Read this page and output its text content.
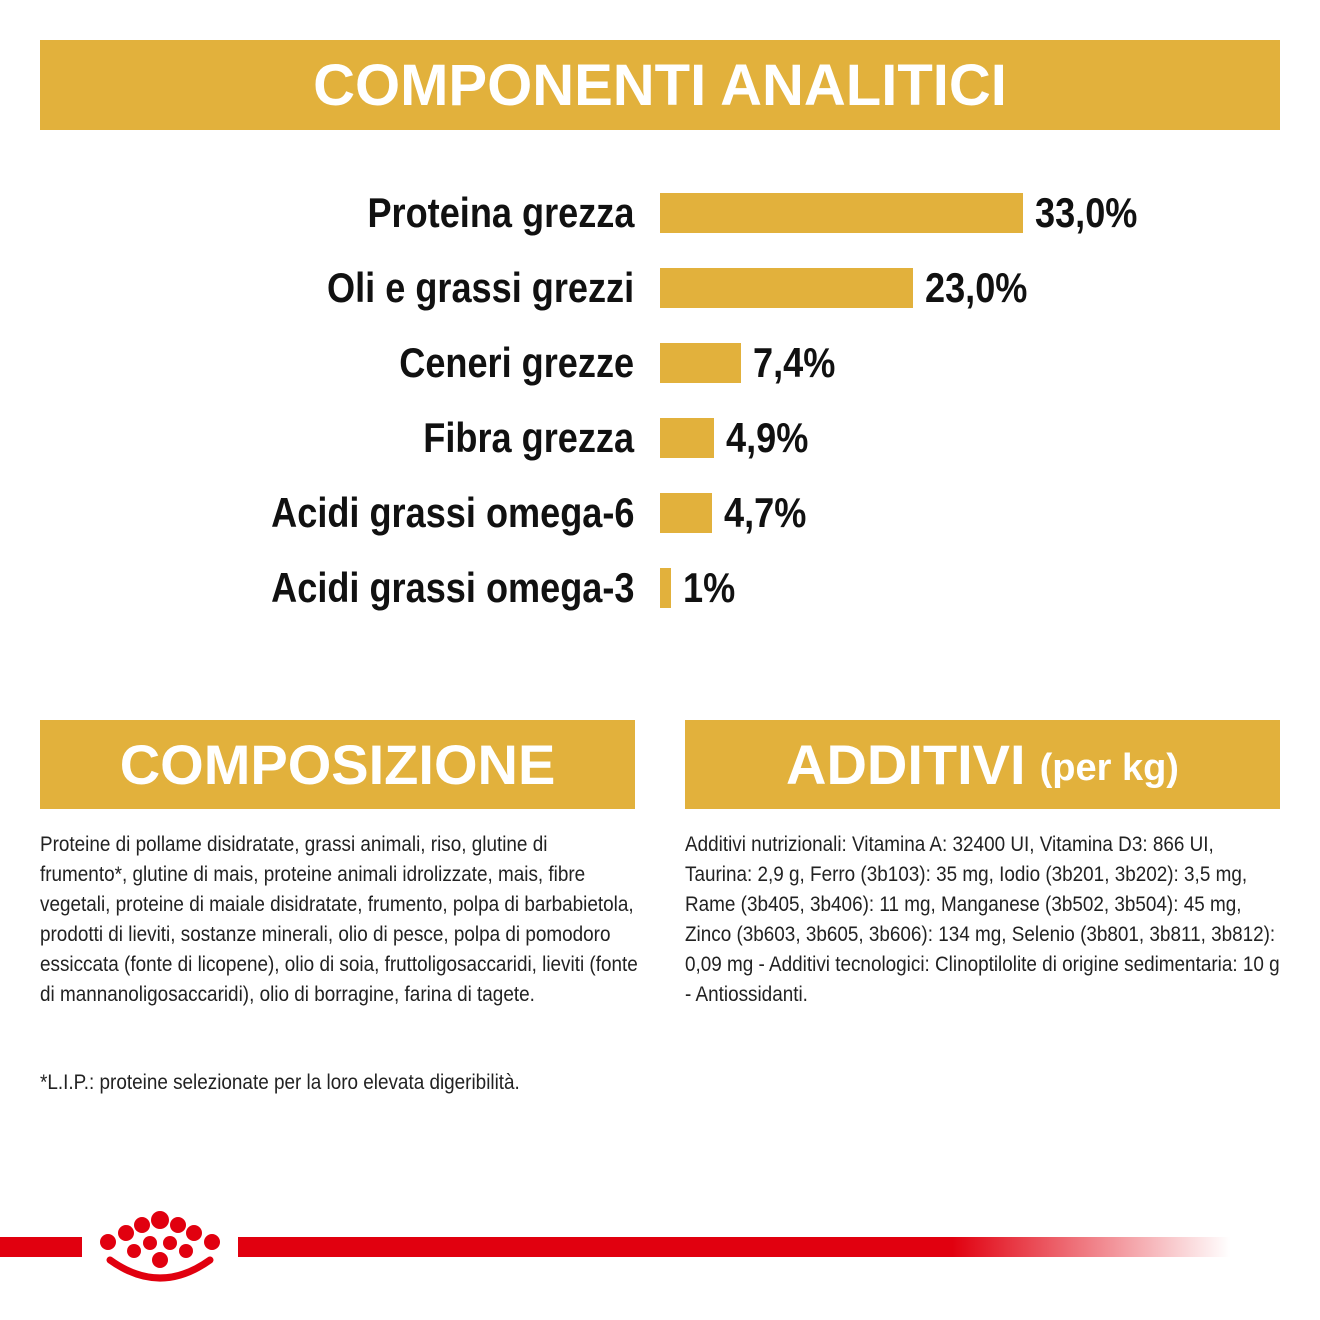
COMPONENTI ANALITICI
Proteina grezza	33,0%
Oli e grassi grezzi	23,0%
Ceneri grezze	7,4%
Fibra grezza 4,9%
Acidi grassi omega-6 4,7%
Acidi grassi omega-3 1%
COMPOSIZIONE	ADDITIVI (per kg)
Proteine di pollame disidratate, grassi animali, riso, glutine di frumento*, glutine di mais, proteine animali idrolizzate, mais, fibre vegetali, proteine di maiale disidratate, frumento, polpa di barbabietola, prodotti di lieviti, sostanze minerali, olio di pesce, polpa di pomodoro essiccata (fonte di licopene), olio di soia, fruttoligosaccaridi, lieviti (fonte di mannanoligosaccaridi), olio di borragine, farina di tagete.
*L.I.P.: proteine selezionate per la loro elevata digeribilità.
Additivi nutrizionali: Vitamina A: 32400 UI, Vitamina D3: 866 UI, Taurina: 2,9 g, Ferro (3b103): 35 mg, Iodio (3b201, 3b202): 3,5 mg, Rame (3b405, 3b406): 11 mg, Manganese (3b502, 3b504): 45 mg, Zinco (3b603, 3b605, 3b606): 134 mg, Selenio (3b801, 3b811, 3b812): 0,09 mg - Additivi tecnologici: Clinoptilolite di origine sedimentaria: 10 g - Antiossidanti.
